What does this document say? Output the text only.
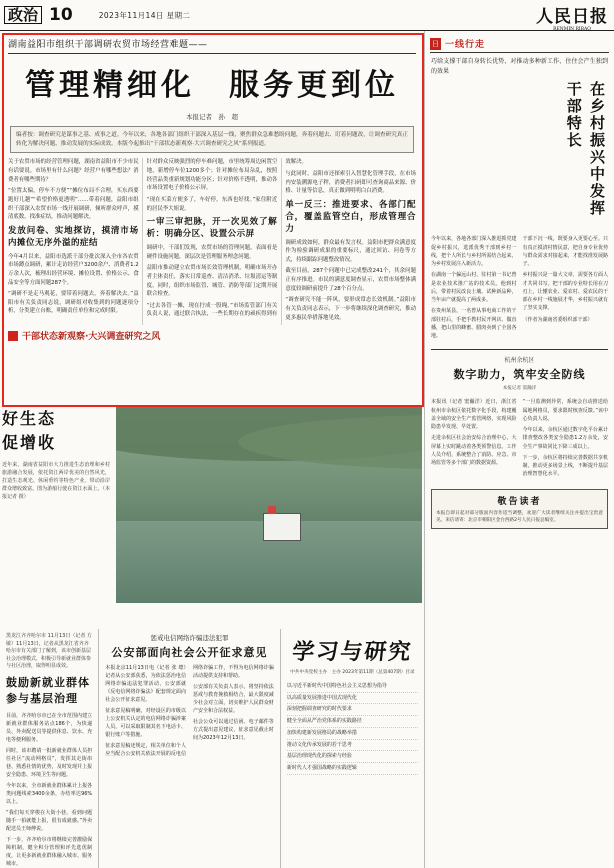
政治 10	2023年11月14日 星期二	人民日报
RENMIN RIBAO
湖南益阳市组织干部调研农贸市场经营难题——
管理精细化　服务更到位
本报记者　孙　超
编者按：调查研究是谋事之基、成事之道。今年以来，各地各部门组织干部深入基层一线，聚焦群众急难愁盼问题，奔着问题去、盯着问题改，让调查研究真正转化为解决问题、推动发展的实际成效。本版今起推出“干部状态新观察·大兴调查研究之风”系列报道。

关于农贸市场的经营管理问题，湖南省益阳市不少市民有话要说。市场里有什么问题？经营户有哪些想法？消费者有哪些期待？

“位置太偏，停车不方便”“摊位布局不合理，买东西要跑好几趟”“希望价格更透明”……带着问题，益阳市组织干部深入农贸市场一线开展调研，倾听群众呼声，摸清底数，找准症结，推动问题解决。

发放问卷、实地探访，摸清市场内摊位无序外溢的症结

今年4月以来，益阳市选派干部分批次深入全市各农贸市场蹲点调研，累计走访经营户3200余户、消费者1.2万余人次，梳理出经营环境、摊位设置、价格公示、食品安全等方面问题287个。

“调研不是走马观花，要带着问题去，奔着解决去。”益阳市有关负责同志说，调研组对收集到的问题逐项分析，分类建立台账，明确责任单位和完成时限。

针对群众反映强烈的停车难问题，市里统筹周边闲置空地，新增停车位1200多个；针对摊位布局杂乱，按照经营品类重新规划功能分区；针对价格不透明，推动各市场设置电子价格公示屏。

“现在买菜方便多了，车好停，东西也好找。”家住附近的居民李大姐说。

一审三审把脉，开一次见效了解析：明确分区、设置公示屏

调研中，干部们发现，农贸市场的管理问题，表面看是硬件设施问题，深层次是管理服务理念问题。

益阳市推动建立农贸市场长效管理机制，明确市场开办者主体责任，落实日常巡查、清洁消杀、垃圾清运等制度。同时，组织市场监管、城管、消防等部门定期开展联合检查。

“过去各管一摊，现在拧成一股绳。”市场监管部门有关负责人说，通过联合执法，一些长期存在的顽疾得到有效解决。

与此同时，益阳市还探索引入智慧化管理手段，在市场内安装溯源电子秤，消费者扫码即可查询商品来源、价格、计量等信息，真正做到明明白白消费。

单一反三：推进要求、各部门配合，覆盖监管空白，形成管理合力

调研成效如何，群众最有发言权。益阳市把群众满意度作为检验调研成果的重要标尺，通过回访、问卷等方式，持续跟踪问题整改情况。

截至目前，287个问题中已完成整改241个，其余问题正有序推进。市民的满意度调查显示，农贸市场整体满意度较调研前提升了28个百分点。

“调查研究不能一阵风，要形成常态长效机制。”益阳市有关负责同志表示，下一步将继续深化调查研究，推动更多惠民举措落地见效。

干部状态新观察·大兴调查研究之风
好生态
促增收
近年来，湖南省益阳市大力推进生态治理和乡村旅游融合发展，依托资江两岸优美的自然风光，打造生态观光、休闲垂钓等特色产业，带动沿岸群众增收致富。图为游船行驶在资江水面上。（本报记者 摄）
黑龙江齐齐哈尔市 11月13日（记者 方 敏）11月13日，记者从黑龙江省齐齐哈尔市有关部门了解到，该市创新基层社会治理模式，积极引导新就业群体参与社区治理，取得明显成效。
鼓励新就业群体参与基层治理

目前，齐齐哈尔市已在全市范围内建立新就业群体服务站点186个，为快递员、外卖配送员等提供休息、饮水、充电等便利服务。

同时，该市聘请一批新就业群体人员担任社区“流动网格员”，发挥其走街串巷、熟悉社情的优势，及时发现并上报安全隐患、环境卫生等问题。

今年以来，全市新就业群体累计上报各类问题线索3400余条，办结率达96%以上。

“我们每天穿梭在大街小巷，看到问题随手一拍就能上报，很有成就感。”外卖配送员王师傅说。

下一步，齐齐哈尔市将继续完善激励保障机制，健全积分管理和评先选优制度，让更多新就业群体融入城市、服务城市。

惩戒电信网络诈骗违法犯罪
公安部面向社会公开征求意见

本报北京11月13日电（记者 张 璁）记者从公安部获悉，为依法惩治电信网络诈骗违法犯罪活动，公安部就《反电信网络诈骗法》配套规定面向社会公开征求意见。

征求意见稿明确，对经设区的市级以上公安机关认定的电信网络诈骗涉案人员，可以采取限制其名下电话卡、银行账户等措施。

征求意见稿还规定，相关单位和个人应当配合公安机关依法开展的反电信网络诈骗工作，不得为电信网络诈骗活动提供支持和帮助。

公安部有关负责人表示，将坚持依法惩戒与教育挽救相结合，最大限度减少社会对立面，切实维护人民群众财产安全和合法权益。

社会公众可以通过信函、电子邮件等方式提出意见建议，征求意见截止时间为2023年12月13日。

学习与研究
中共中央党校主办　主办 2023年第11期（总第407期）目录
以习近平新时代中国特色社会主义思想为指导
以高质量发展推进中国式现代化
深刻把握调查研究的时代要求
健全全面从严治党体系的实践路径
加快构建新发展格局的战略举措
推动文化传承发展的若干思考
基层治理现代化的探索与经验
新时代人才强国战略的实践逻辑
日 一线行走
巧给支撑干部自身转长优势，对推动多种新工作、住住会产生独到的效果
在乡村振兴中发挥干部特长

今年以来，各地各部门深入推进抓党建促乡村振兴，选派优秀干部到乡村一线，把个人所长与乡村所需结合起来，为乡村发展注入新活力。

在湖南一个偏远山村，驻村第一书记曾是农业技术推广站的技术员。他到村后，带着村民改良土壤、试种新品种，当年亩产就提高了两成多。

在贵州某县，一名曾从事电商工作的干部驻村后，手把手教村民开网店、做直播，把山里的蜂蜜、腊肉卖到了全国各地。

干部下沉一线，既要身入更要心至。只有真正摸清村情民意，把自身专业优势与群众需求对接起来，才能找准发展路子。

乡村振兴是一篇大文章，需要各方面人才共同书写。把干部的专业特长用在刀刃上，让懂农业、爱农村、爱农民的干部在乡村一线施展才华，乡村振兴就有了坚实支撑。

（作者为湖南省委组织部干部）

杭州余杭区
数字助力，筑牢安全防线
本报记者 窦瀚洋

本报讯（记者 窦瀚洋）近日，浙江省杭州市余杭区依托数字化手段，构建覆盖全域的安全生产监管网络，实现风险隐患早发现、早处置。

走进余杭区社会治安综合治理中心，大屏幕上实时跳动着各类预警信息。工作人员介绍，系统整合了消防、应急、市场监管等多个部门的数据资源。

“一旦监测到异常，系统会自动推送给属地网格员，要求限时核查反馈。”该中心负责人说。

今年以来，余杭区通过数字化平台累计排查整改各类安全隐患1.2万余处，安全生产事故同比下降三成以上。

下一步，余杭区将持续完善数据共享机制，推动更多场景上线，不断提升基层治理智慧化水平。

敬告读者
本报自即日起对部分版面内容作适当调整，欢迎广大读者继续关注并提出宝贵意见。来信请寄：北京市朝阳区金台西路2号人民日报总编室。
